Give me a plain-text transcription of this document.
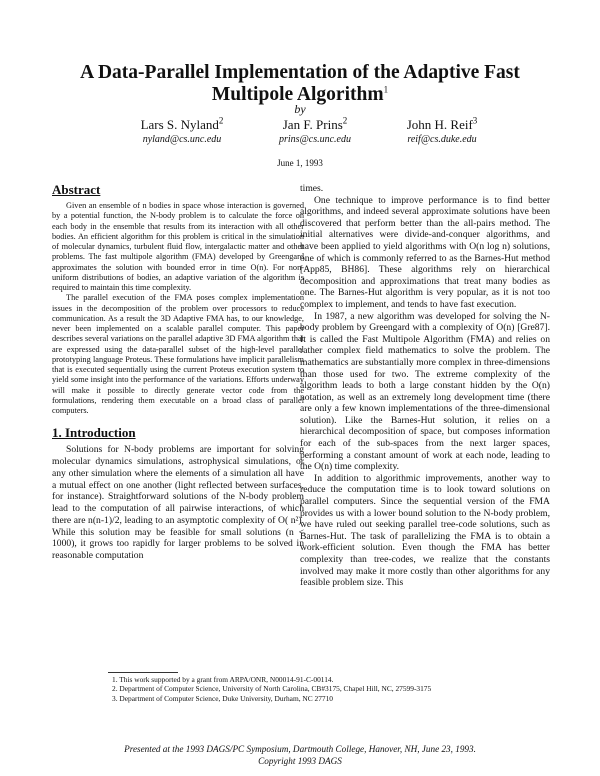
A Data-Parallel Implementation of the Adaptive Fast
Multipole Algorithm$^1$
by
Lars S. Nyland$^2$
nyland@cs.unc.edu
Jan F. Prins$^2$
prins@cs.unc.edu
John H. Reif$^3$
reif@cs.duke.edu
June 1, 1993
Abstract

Given an ensemble of n bodies in space whose interaction is governed by a potential function, the N-body problem is to calculate the force on each body in the ensemble that results from its interaction with all other bodies. An efficient algorithm for this problem is critical in the simulation of molecular dynamics, turbulent fluid flow, intergalactic matter and other problems. The fast multipole algorithm (FMA) developed by Greengard approximates the solution with bounded error in time O(n). For non-uniform distributions of bodies, an adaptive variation of the algorithm is required to maintain this time complexity.

The parallel execution of the FMA poses complex implementation issues in the decomposition of the problem over processors to reduce communication. As a result the 3D Adaptive FMA has, to our knowledge, never been implemented on a scalable parallel computer. This paper describes several variations on the parallel adaptive 3D FMA algorithm that are expressed using the data-parallel subset of the high-level parallel prototyping language Proteus. These formulations have implicit parallelism that is executed sequentially using the current Proteus execution system to yield some insight into the performance of the variations. Efforts underway will make it possible to directly generate vector code from the formulations, rendering them executable on a broad class of parallel computers.

1. Introduction

Solutions for N-body problems are important for solving molecular dynamics simulations, astrophysical simulations, or any other simulation where the elements of a simulation all have a mutual effect on one another (light reflected between surfaces, for instance). Straightforward solutions of the N-body problem lead to the computation of all pairwise interactions, of which there are n(n-1)/2, leading to an asymptotic complexity of O( n²). While this solution may be feasible for small solutions (n < 1000), it grows too rapidly for larger problems to be solved in reasonable computation

times.

One technique to improve performance is to find better algorithms, and indeed several approximate solutions have been discovered that perform better than the all-pairs method. The initial alternatives were divide-and-conquer algorithms, and have been applied to yield algorithms with O(n log n) solutions, one of which is commonly referred to as the Barnes-Hut method [App85, BH86]. These algorithms rely on hierarchical decomposition and approximations that treat many bodies as one. The Barnes-Hut algorithm is very popular, as it is not too complex to implement, and tends to have fast execution.

In 1987, a new algorithm was developed for solving the N-body problem by Greengard with a complexity of O(n) [Gre87]. It is called the Fast Multipole Algorithm (FMA) and relies on rather complex field mathematics to solve the problem. The mathematics are substantially more complex in three-dimensions than those used for two. The extreme complexity of the algorithm leads to both a large constant hidden by the O(n) notation, as well as an extremely long development time (there are only a few known implementations of the three-dimensional solution). Like the Barnes-Hut solution, it relies on a hierarchical decomposition of space, but composes information for each of the sub-spaces from the next larger spaces, performing a constant amount of work at each node, leading to the O(n) time complexity.

In addition to algorithmic improvements, another way to reduce the computation time is to look toward solutions on parallel computers. Since the sequential version of the FMA provides us with a lower bound solution to the N-body problem, we have ruled out seeking parallel tree-code solutions, such as Barnes-Hut. The task of parallelizing the FMA is to obtain a work-efficient solution. Even though the FMA has better complexity than tree-codes, we realize that the constants involved may make it more costly than other algorithms for any feasible problem size. This

1. This work supported by a grant from ARPA/ONR, N00014-91-C-00114.
2. Department of Computer Science, University of North Carolina, CB#3175, Chapel Hill, NC, 27599-3175
3. Department of Computer Science, Duke University, Durham, NC 27710
Presented at the 1993 DAGS/PC Symposium, Dartmouth College, Hanover, NH, June 23, 1993.
Copyright 1993 DAGS
